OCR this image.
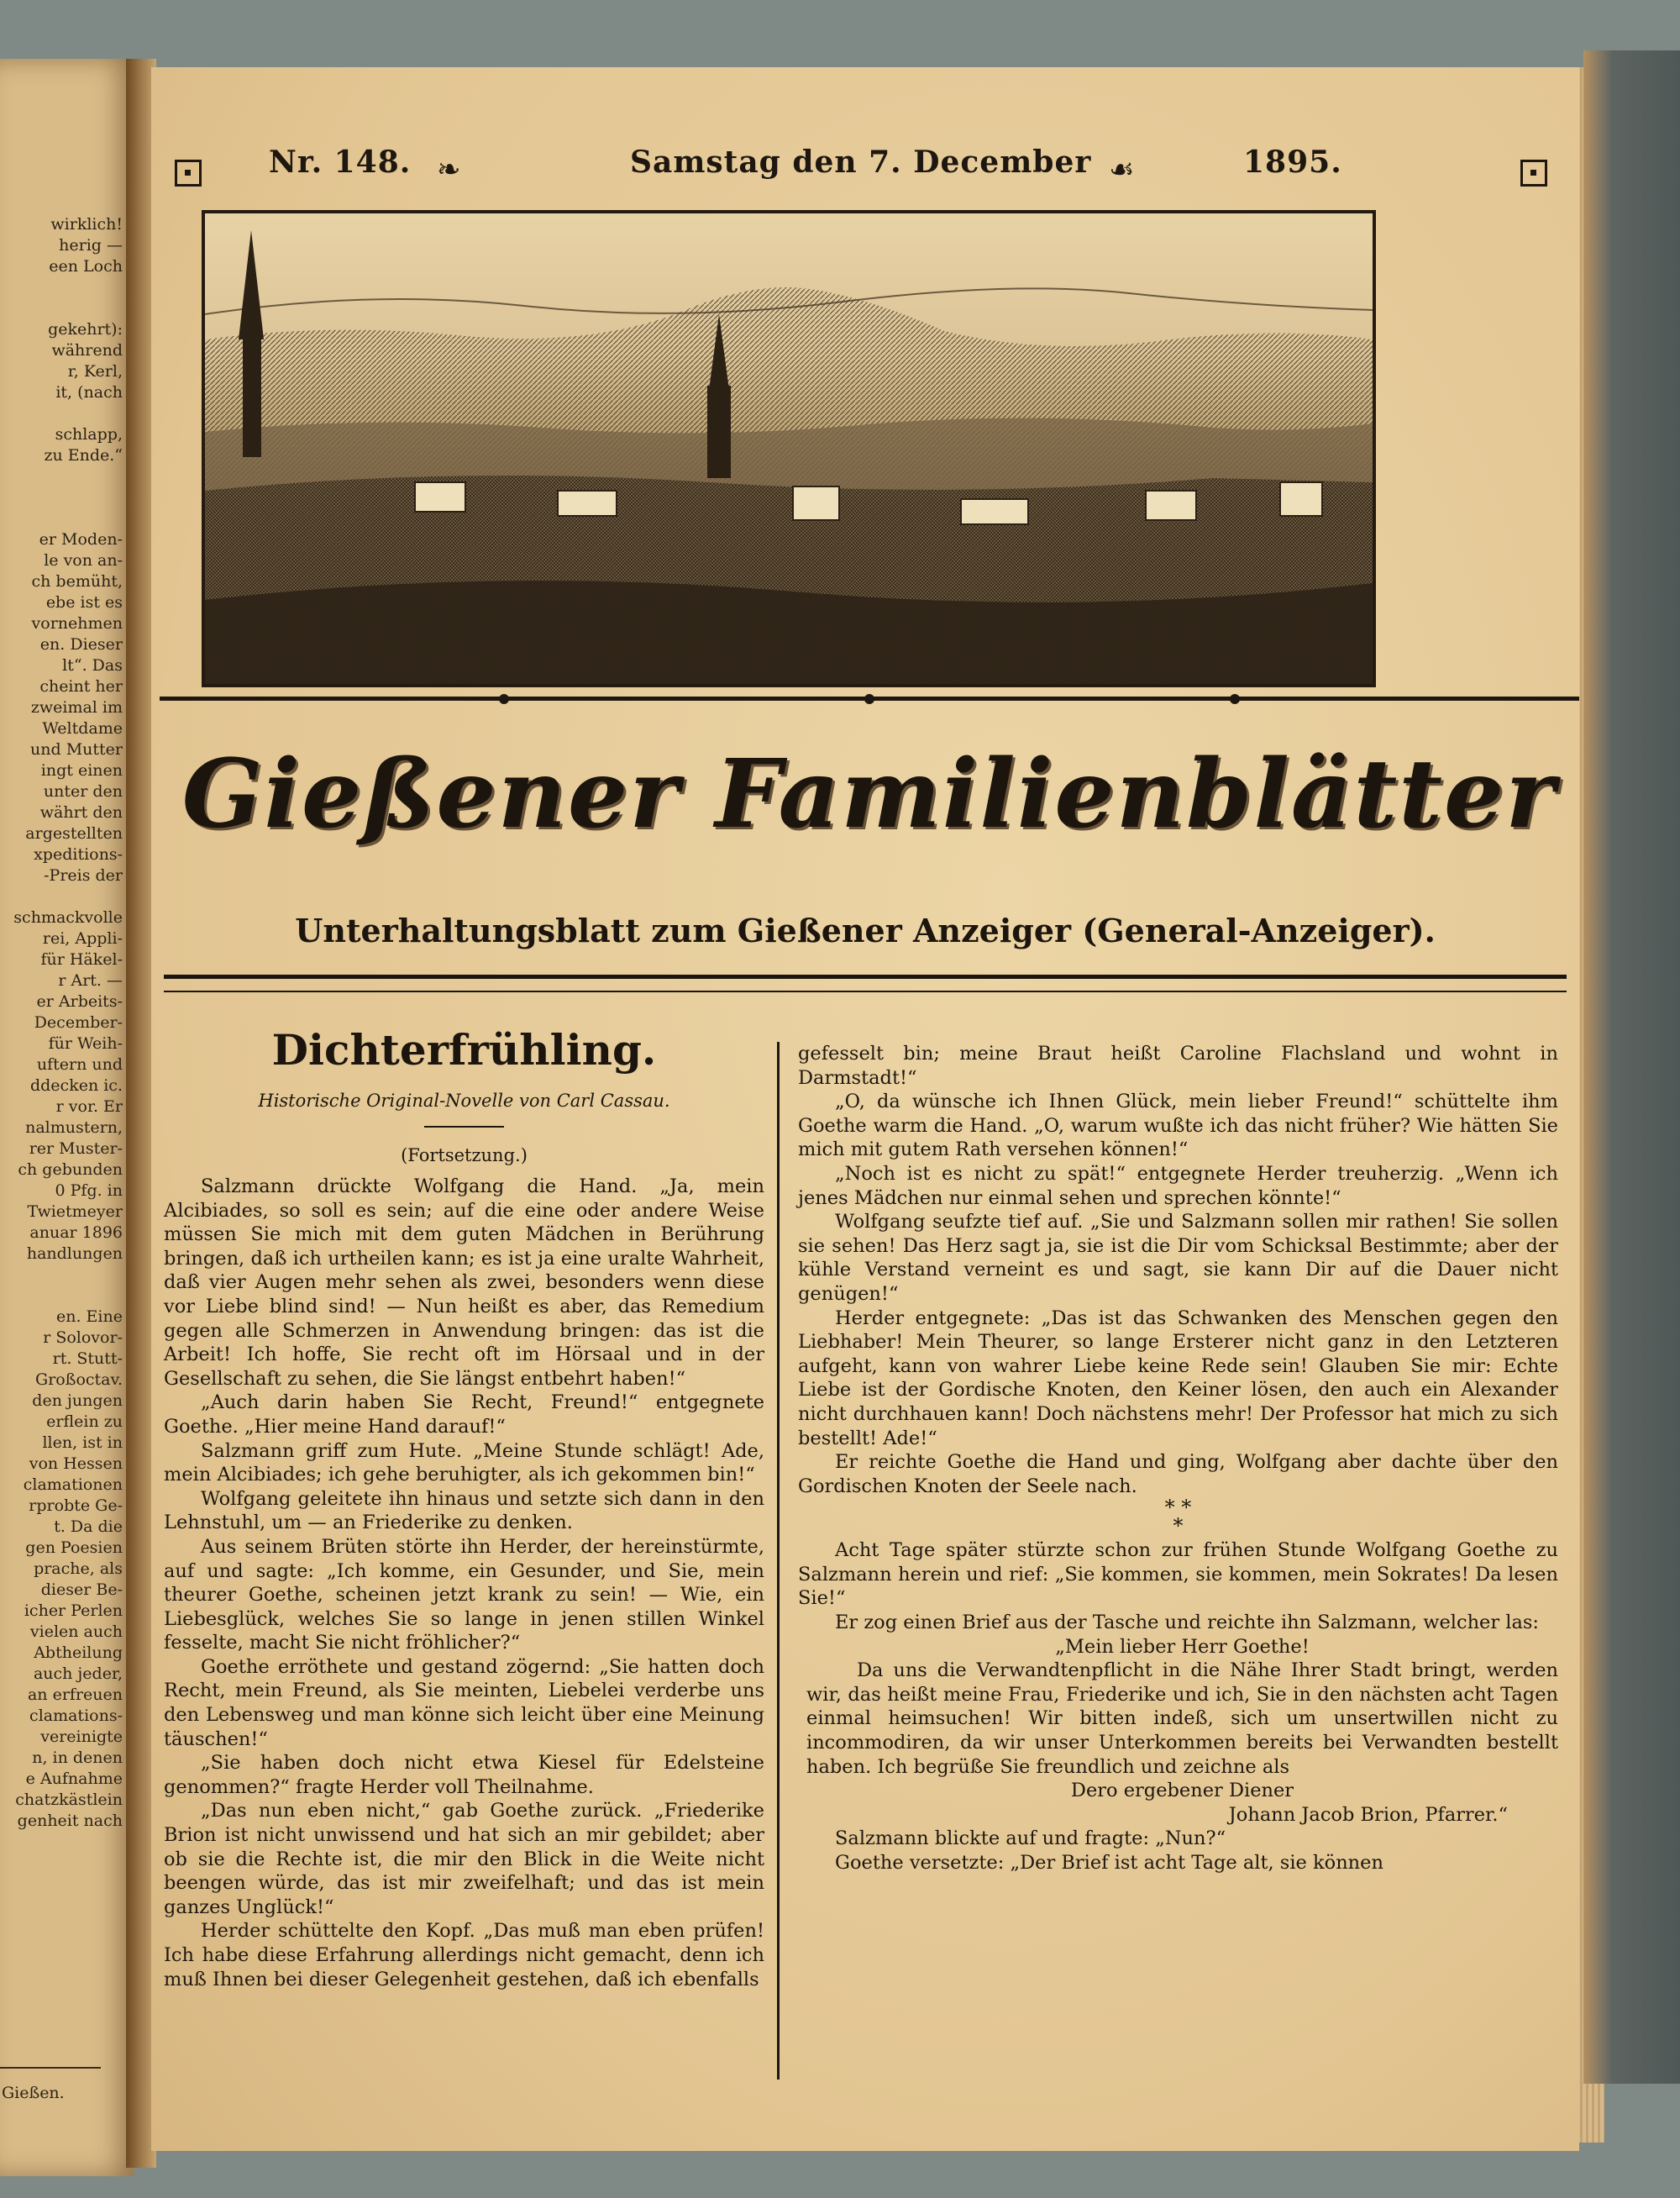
wirklich!
herig —
een Loch
gekehrt):
während
r, Kerl,
it, (nach
schlapp,
zu Ende.“
er Moden-
le von an-
ch bemüht,
ebe ist es
vornehmen
en. Dieser
lt“. Das
cheint her
zweimal im
Weltdame
und Mutter
ingt einen
unter den
währt den
argestellten
xpeditions-
-Preis der
schmackvolle
rei, Appli-
für Häkel-
r Art. —
er Arbeits-
December-
für Weih-
uftern und
ddecken ic.
r vor. Er
nalmustern,
rer Muster-
ch gebunden
0 Pfg. in
Twietmeyer
anuar 1896
handlungen
en. Eine
r Solovor-
rt. Stutt-
Großoctav.
den jungen
erflein zu
llen, ist in
von Hessen
clamationen
rprobte Ge-
t. Da die
gen Poesien
prache, als
dieser Be-
icher Perlen
vielen auch
Abtheilung
auch jeder,
an erfreuen
clamations-
vereinigte
n, in denen
e Aufnahme
chatzkästlein
genheit nach
Gießen.
Nr. 148. ❧	Samstag den 7. December ☙	1895.
Gießener Familienblätter
Unterhaltungsblatt zum Gießener Anzeiger (General-Anzeiger).
Dichterfrühling.
Historische Original-Novelle von Carl Cassau.
(Fortsetzung.)

Salzmann drückte Wolfgang die Hand. „Ja, mein Alcibiades, so soll es sein; auf die eine oder andere Weise müssen Sie mich mit dem guten Mädchen in Berührung bringen, daß ich urtheilen kann; es ist ja eine uralte Wahrheit, daß vier Augen mehr sehen als zwei, besonders wenn diese vor Liebe blind sind! — Nun heißt es aber, das Remedium gegen alle Schmerzen in Anwendung bringen: das ist die Arbeit! Ich hoffe, Sie recht oft im Hörsaal und in der Gesellschaft zu sehen, die Sie längst entbehrt haben!“

„Auch darin haben Sie Recht, Freund!“ entgegnete Goethe. „Hier meine Hand darauf!“

Salzmann griff zum Hute. „Meine Stunde schlägt! Ade, mein Alcibiades; ich gehe beruhigter, als ich gekommen bin!“

Wolfgang geleitete ihn hinaus und setzte sich dann in den Lehnstuhl, um — an Friederike zu denken.

Aus seinem Brüten störte ihn Herder, der hereinstürmte, auf und sagte: „Ich komme, ein Gesunder, und Sie, mein theurer Goethe, scheinen jetzt krank zu sein! — Wie, ein Liebesglück, welches Sie so lange in jenen stillen Winkel fesselte, macht Sie nicht fröhlicher?“

Goethe erröthete und gestand zögernd: „Sie hatten doch Recht, mein Freund, als Sie meinten, Liebelei verderbe uns den Lebensweg und man könne sich leicht über eine Meinung täuschen!“

„Sie haben doch nicht etwa Kiesel für Edelsteine genommen?“ fragte Herder voll Theilnahme.

„Das nun eben nicht,“ gab Goethe zurück. „Friederike Brion ist nicht unwissend und hat sich an mir gebildet; aber ob sie die Rechte ist, die mir den Blick in die Weite nicht beengen würde, das ist mir zweifelhaft; und das ist mein ganzes Unglück!“

Herder schüttelte den Kopf. „Das muß man eben prüfen! Ich habe diese Erfahrung allerdings nicht gemacht, denn ich muß Ihnen bei dieser Gelegenheit gestehen, daß ich ebenfalls

gefesselt bin; meine Braut heißt Caroline Flachsland und wohnt in Darmstadt!“

„O, da wünsche ich Ihnen Glück, mein lieber Freund!“ schüttelte ihm Goethe warm die Hand. „O, warum wußte ich das nicht früher? Wie hätten Sie mich mit gutem Rath versehen können!“

„Noch ist es nicht zu spät!“ entgegnete Herder treuherzig. „Wenn ich jenes Mädchen nur einmal sehen und sprechen könnte!“

Wolfgang seufzte tief auf. „Sie und Salzmann sollen mir rathen! Sie sollen sie sehen! Das Herz sagt ja, sie ist die Dir vom Schicksal Bestimmte; aber der kühle Verstand verneint es und sagt, sie kann Dir auf die Dauer nicht genügen!“

Herder entgegnete: „Das ist das Schwanken des Menschen gegen den Liebhaber! Mein Theurer, so lange Ersterer nicht ganz in den Letzteren aufgeht, kann von wahrer Liebe keine Rede sein! Glauben Sie mir: Echte Liebe ist der Gordische Knoten, den Keiner lösen, den auch ein Alexander nicht durchhauen kann! Doch nächstens mehr! Der Professor hat mich zu sich bestellt! Ade!“

Er reichte Goethe die Hand und ging, Wolfgang aber dachte über den Gordischen Knoten der Seele nach.

* *
*

Acht Tage später stürzte schon zur frühen Stunde Wolfgang Goethe zu Salzmann herein und rief: „Sie kommen, sie kommen, mein Sokrates! Da lesen Sie!“

Er zog einen Brief aus der Tasche und reichte ihn Salzmann, welcher las:

„Mein lieber Herr Goethe!

Da uns die Verwandtenpflicht in die Nähe Ihrer Stadt bringt, werden wir, das heißt meine Frau, Friederike und ich, Sie in den nächsten acht Tagen einmal heimsuchen! Wir bitten indeß, sich um unsertwillen nicht zu incommodiren, da wir unser Unterkommen bereits bei Verwandten bestellt haben. Ich begrüße Sie freundlich und zeichne als

Dero ergebener Diener
Johann Jacob Brion, Pfarrer.“

Salzmann blickte auf und fragte: „Nun?“

Goethe versetzte: „Der Brief ist acht Tage alt, sie können
